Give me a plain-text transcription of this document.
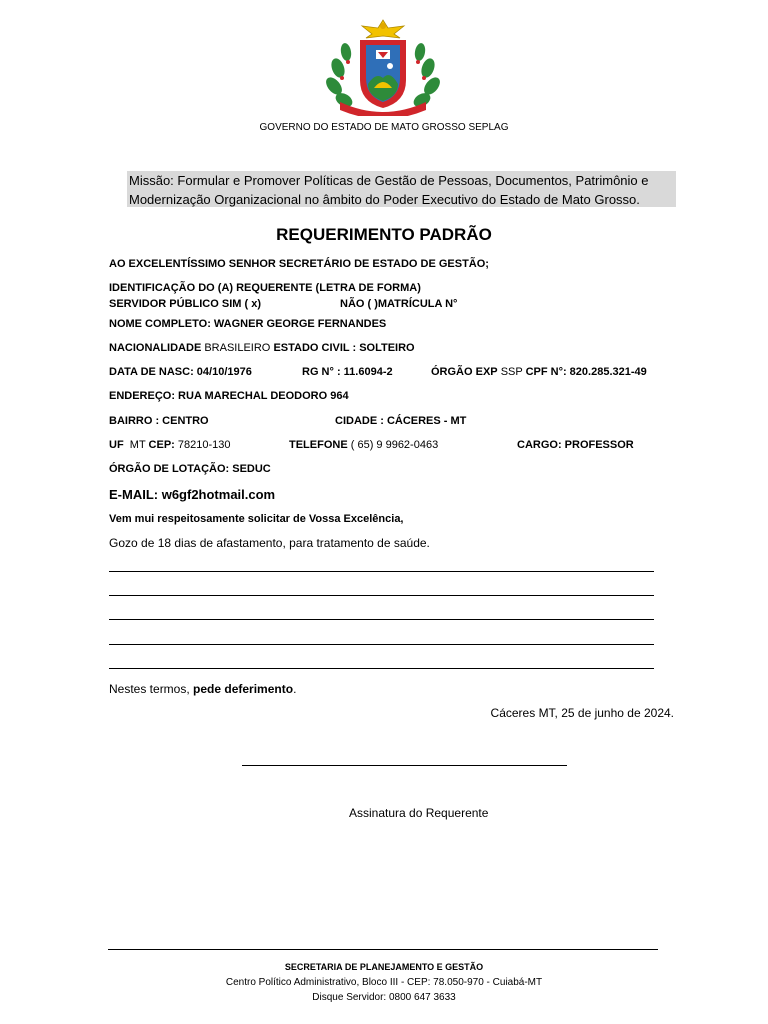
GOVERNO DO ESTADO DE MATO GROSSO SEPLAG
Missão: Formular e Promover Políticas de Gestão de Pessoas, Documentos, Patrimônio e
Modernização Organizacional no âmbito do Poder Executivo do Estado de Mato Grosso.
REQUERIMENTO PADRÃO
AO EXCELENTÍSSIMO SENHOR SECRETÁRIO DE ESTADO DE GESTÃO;
IDENTIFICAÇÃO DO (A) REQUERENTE (LETRA DE FORMA)
SERVIDOR PÚBLICO SIM ( x)	NÃO ( )MATRÍCULA N°
NOME COMPLETO: WAGNER GEORGE FERNANDES
NACIONALIDADE BRASILEIRO ESTADO CIVIL : SOLTEIRO
DATA DE NASC: 04/10/1976	RG N° : 11.6094-2	ÓRGÃO EXP SSP CPF N°: 820.285.321-49
ENDEREÇO: RUA MARECHAL DEODORO 964
BAIRRO : CENTRO	CIDADE : CÁCERES - MT
UF MT CEP: 78210-130	TELEFONE ( 65) 9 9962-0463	CARGO: PROFESSOR
ÓRGÃO DE LOTAÇÃO: SEDUC
E-MAIL: w6gf2hotmail.com
Vem mui respeitosamente solicitar de Vossa Excelência,
Gozo de 18 dias de afastamento, para tratamento de saúde.
Nestes termos, pede deferimento.
Cáceres MT, 25 de junho de 2024.
Assinatura do Requerente
SECRETARIA DE PLANEJAMENTO E GESTÃO
Centro Político Administrativo, Bloco III - CEP: 78.050-970 - Cuiabá-MT
Disque Servidor: 0800 647 3633
